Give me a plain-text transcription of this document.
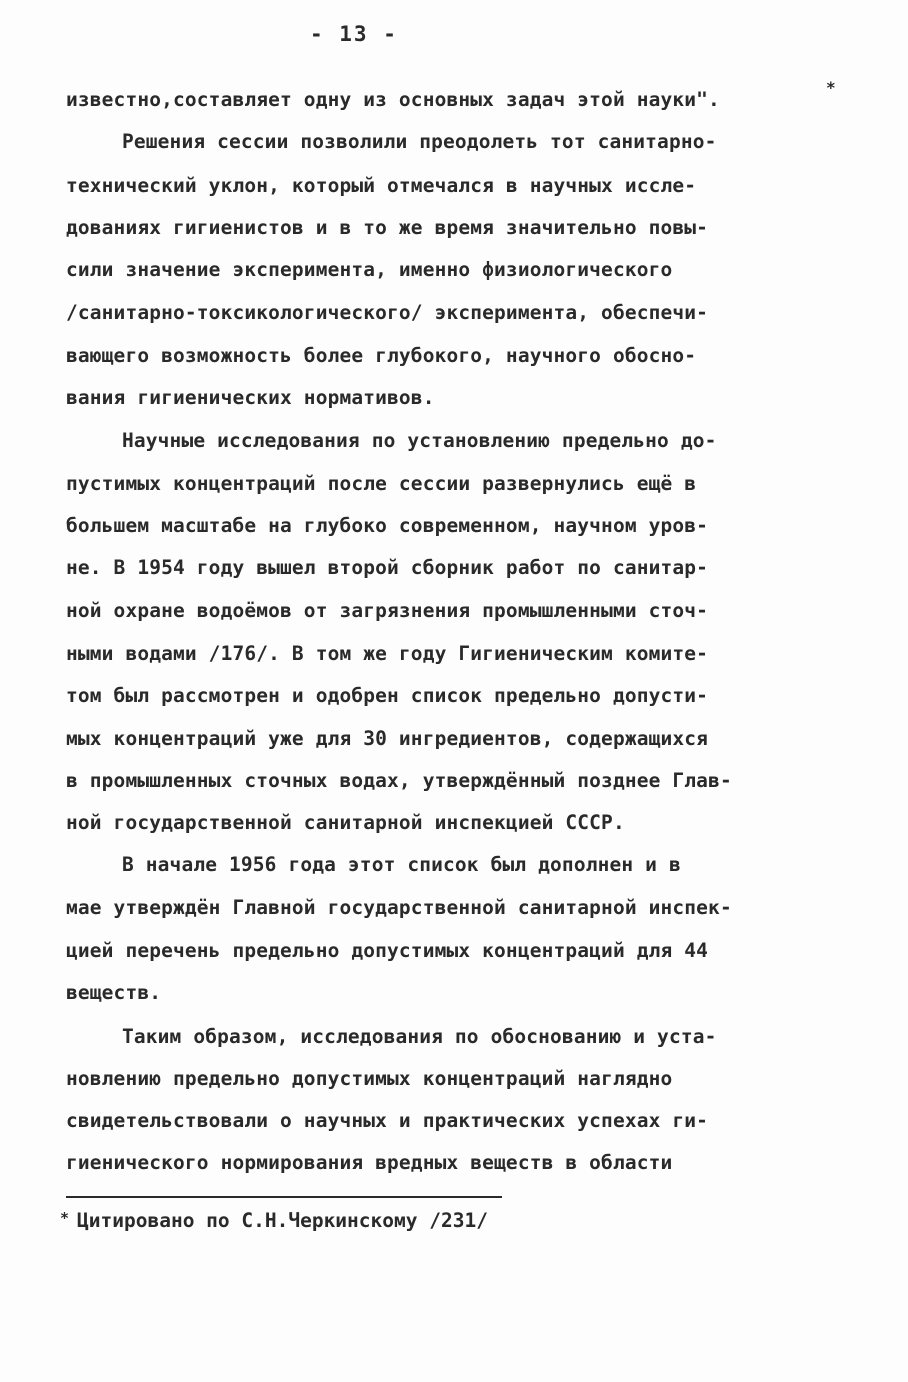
- 13 -
известно,составляет одну из основных задач этой науки".
*
Решения сессии позволили преодолеть тот санитарно-
технический уклон, который отмечался в научных иссле-
дованиях гигиенистов и в то же время значительно повы-
сили значение эксперимента, именно физиологического
/санитарно-токсикологического/ эксперимента, обеспечи-
вающего возможность более глубокого, научного обосно-
вания гигиенических нормативов.
Научные исследования по установлению предельно до-
пустимых концентраций после сессии развернулись ещё в
большем масштабе на глубоко современном, научном уров-
не. В 1954 году вышел второй сборник работ по санитар-
ной охране водоёмов от загрязнения промышленными сточ-
ными водами /176/. В том же году Гигиеническим комите-
том был рассмотрен и одобрен список предельно допусти-
мых концентраций уже для 30 ингредиентов, содержащихся
в промышленных сточных водах, утверждённый позднее Глав-
ной государственной санитарной инспекцией СССР.
В начале 1956 года этот список был дополнен и в
мае утверждён Главной государственной санитарной инспек-
цией перечень предельно допустимых концентраций для 44
веществ.
Таким образом, исследования по обоснованию и уста-
новлению предельно допустимых концентраций наглядно
свидетельствовали о научных и практических успехах ги-
гиенического нормирования вредных веществ в области
* Цитировано по С.Н.Черкинскому /231/
